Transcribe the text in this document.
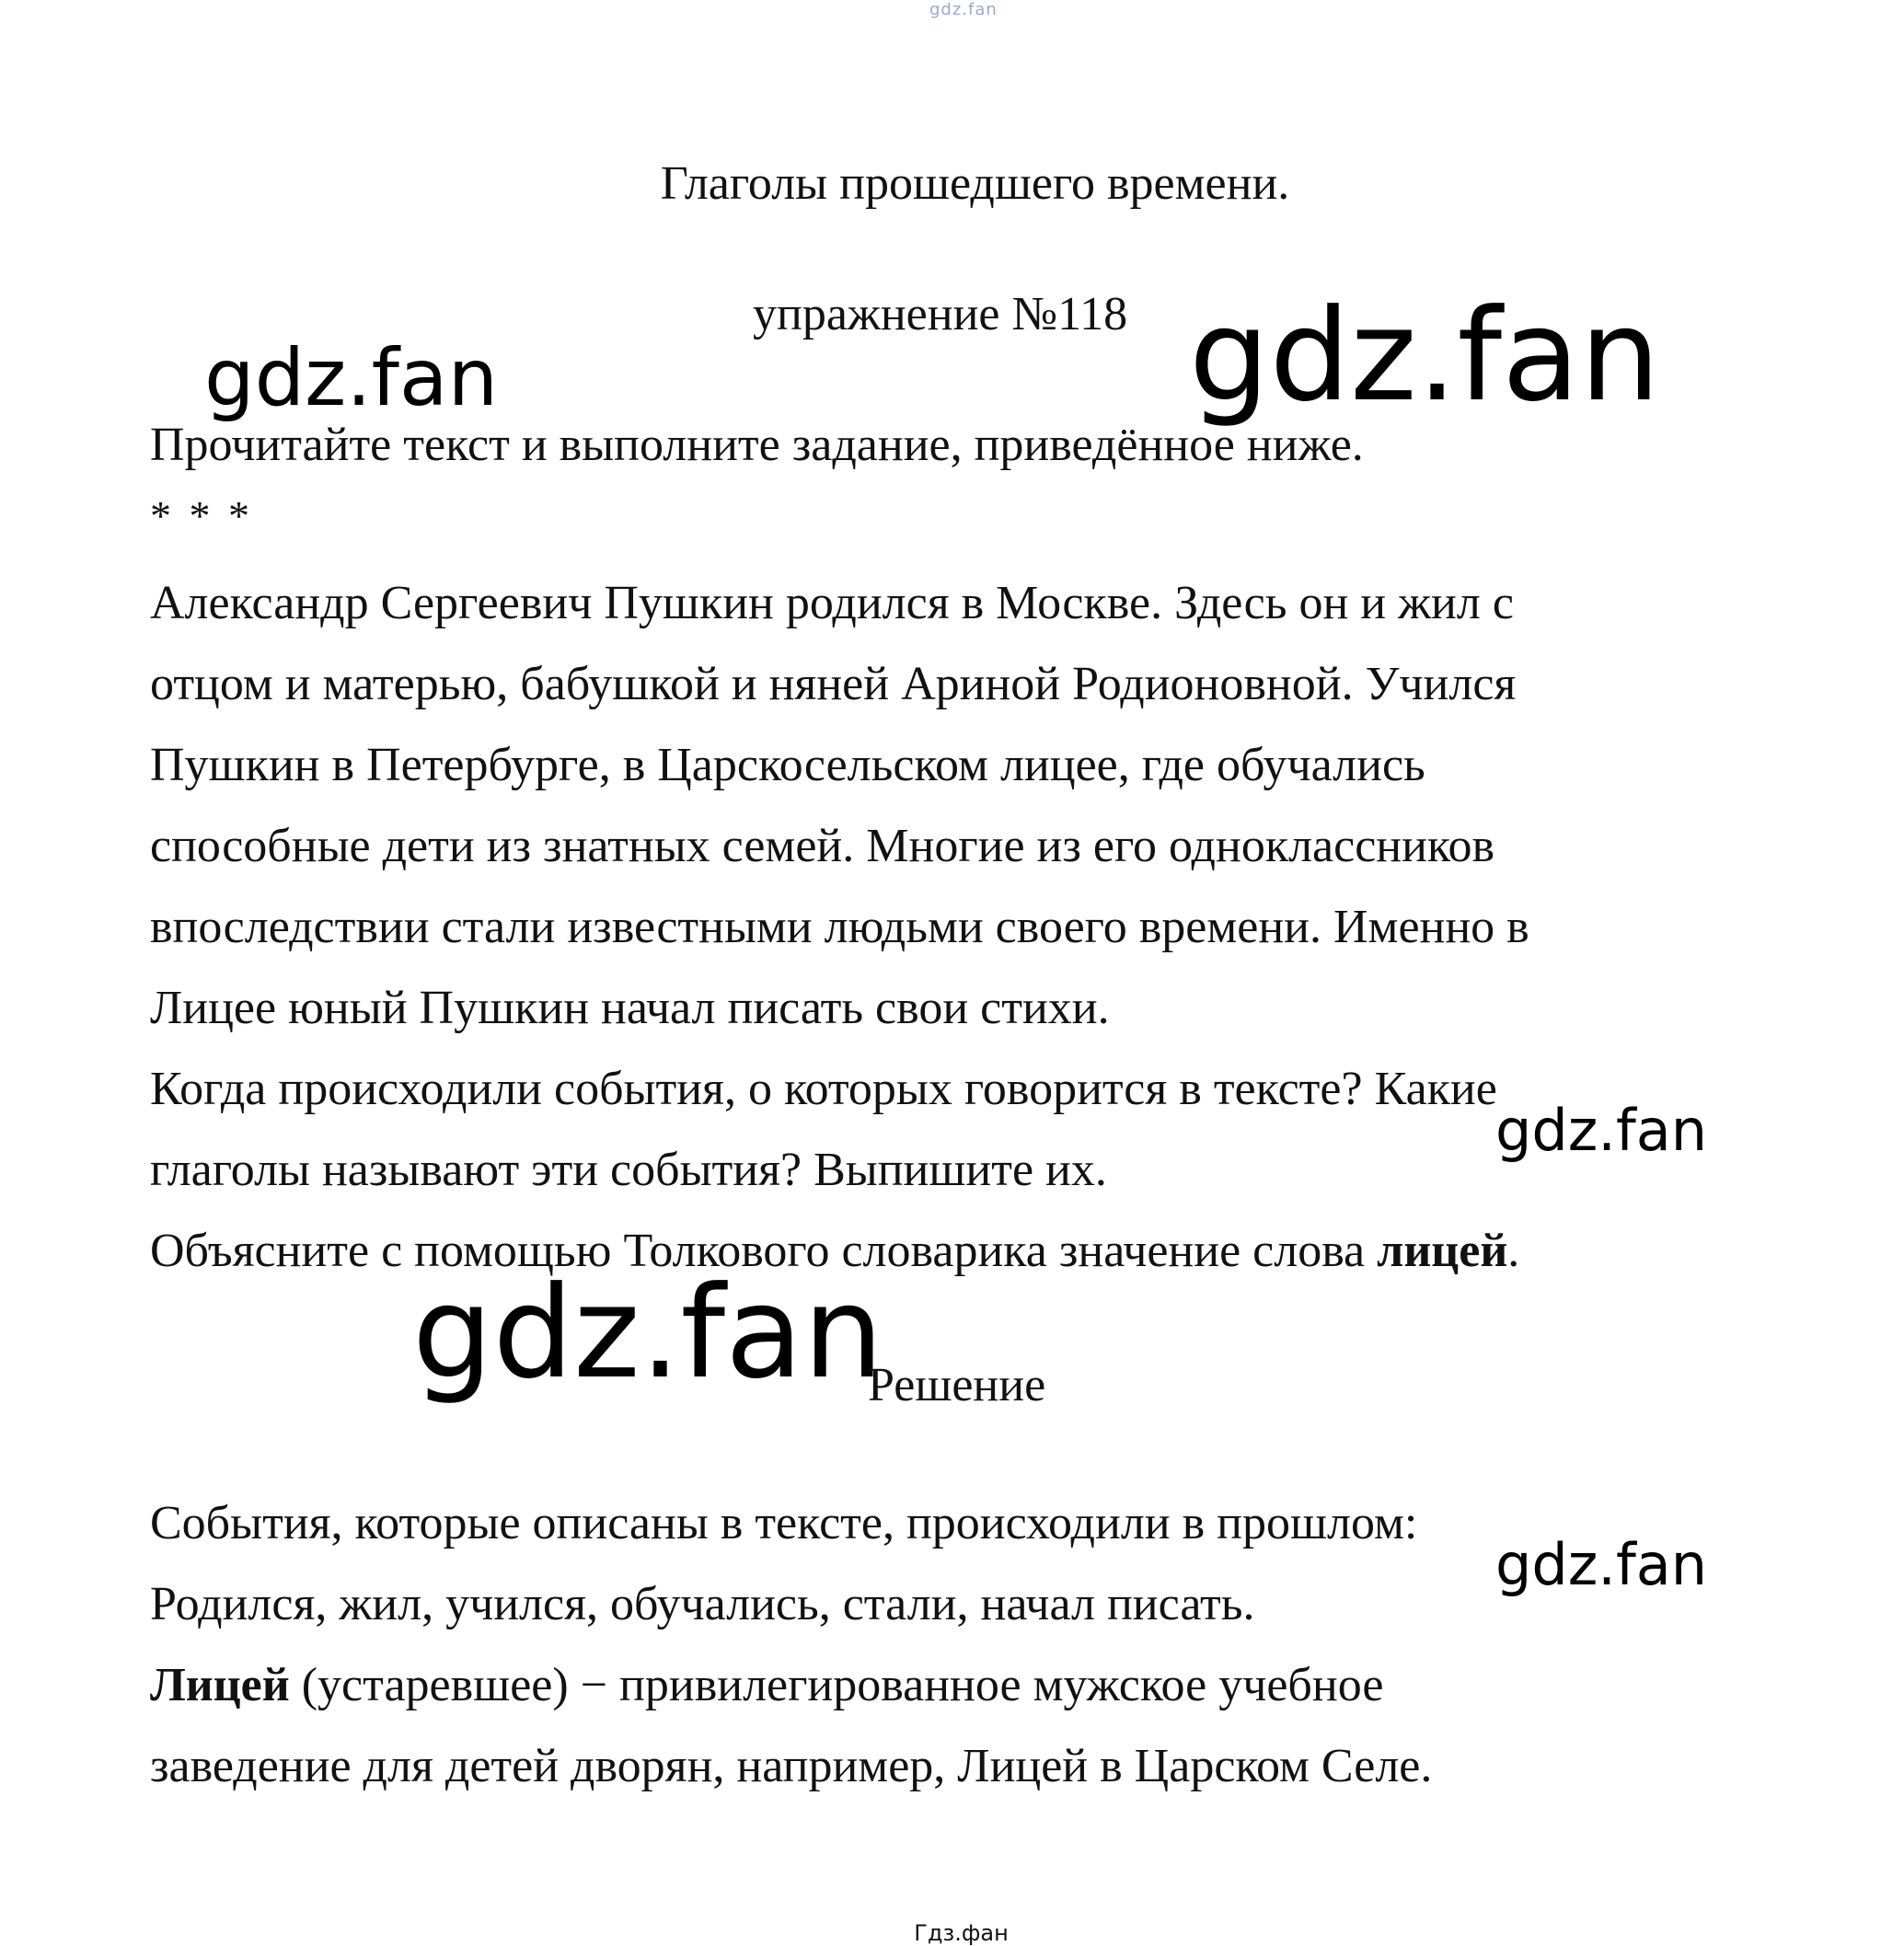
gdz.fan
Глаголы прошедшего времени.
упражнение №118
gdz.fan	gdz.fan
Прочитайте текст и выполните задание, приведённое ниже.
* * *
Александр Сергеевич Пушкин родился в Москве. Здесь он и жил с
отцом и матерью, бабушкой и няней Ариной Родионовной. Учился
Пушкин в Петербурге, в Царскосельском лицее, где обучались
способные дети из знатных семей. Многие из его одноклассников
впоследствии стали известными людьми своего времени. Именно в
Лицее юный Пушкин начал писать свои стихи.
Когда происходили события, о которых говорится в тексте? Какие
gdz.fan
глаголы называют эти события? Выпишите их.
Объясните с помощью Толкового словарика значение слова лицей.
gdz.fan
Решение
События, которые описаны в тексте, происходили в прошлом:
gdz.fan
Родился, жил, учился, обучались, стали, начал писать.
Лицей (устаревшее) − привилегированное мужское учебное
заведение для детей дворян, например, Лицей в Царском Селе.
Гдз.фан
